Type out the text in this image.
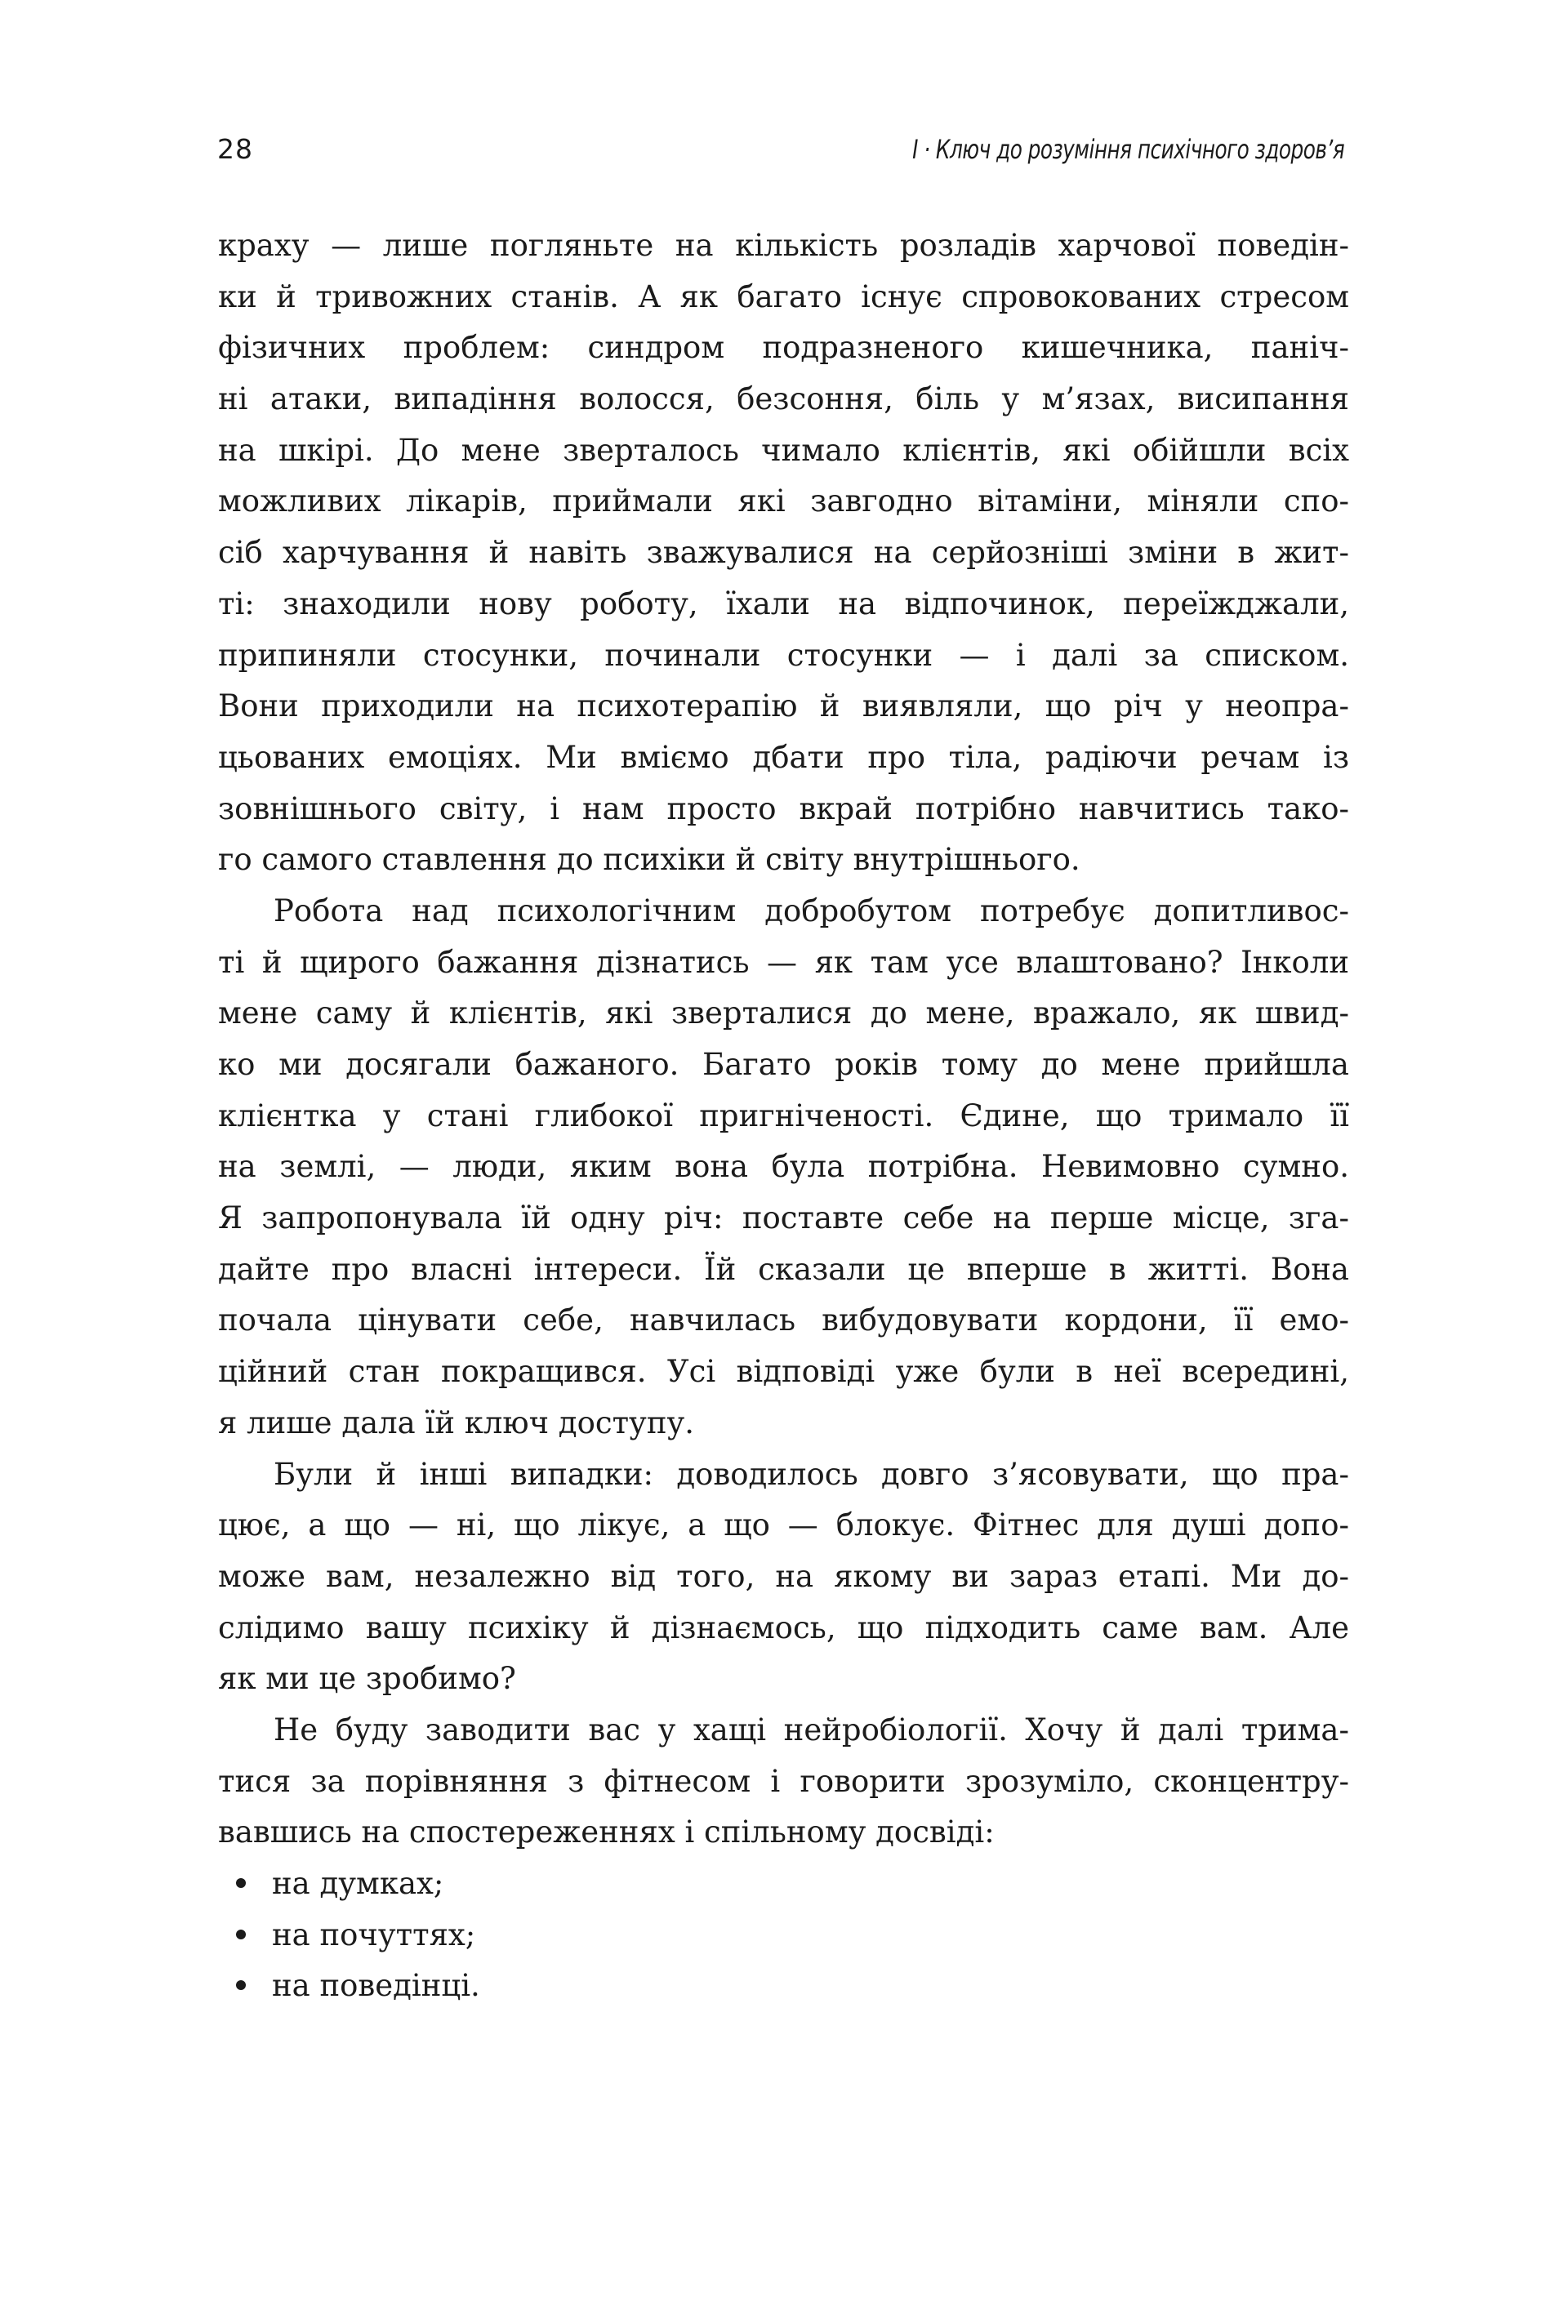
28	I · Ключ до розуміння психічного здоров’я
краху — лише погляньте на кількість розладів харчової поведін-
ки й тривожних станів. А як багато існує спровокованих стресом
фізичних проблем: синдром подразненого кишечника, паніч-
ні атаки, випадіння волосся, безсоння, біль у м’язах, висипання
на шкірі. До мене зверталось чимало клієнтів, які обійшли всіх
можливих лікарів, приймали які завгодно вітаміни, міняли спо-
сіб харчування й навіть зважувалися на серйозніші зміни в жит-
ті: знаходили нову роботу, їхали на відпочинок, переїжджали,
припиняли стосунки, починали стосунки — і далі за списком.
Вони приходили на психотерапію й виявляли, що річ у неопра-
цьованих емоціях. Ми вміємо дбати про тіла, радіючи речам із
зовнішнього світу, і нам просто вкрай потрібно навчитись тако-
го самого ставлення до психіки й світу внутрішнього.
Робота над психологічним добробутом потребує допитливос-
ті й щирого бажання дізнатись — як там усе влаштовано? Інколи
мене саму й клієнтів, які зверталися до мене, вражало, як швид-
ко ми досягали бажаного. Багато років тому до мене прийшла
клієнтка у стані глибокої пригніченості. Єдине, що тримало її
на землі, — люди, яким вона була потрібна. Невимовно сумно.
Я запропонувала їй одну річ: поставте себе на перше місце, зга-
дайте про власні інтереси. Їй сказали це вперше в житті. Вона
почала цінувати себе, навчилась вибудовувати кордони, її емо-
ційний стан покращився. Усі відповіді уже були в неї всередині,
я лише дала їй ключ доступу.
Були й інші випадки: доводилось довго з’ясовувати, що пра-
цює, а що — ні, що лікує, а що — блокує. Фітнес для душі допо-
може вам, незалежно від того, на якому ви зараз етапі. Ми до-
слідимо вашу психіку й дізнаємось, що підходить саме вам. Але
як ми це зробимо?
Не буду заводити вас у хащі нейробіології. Хочу й далі трима-
тися за порівняння з фітнесом і говорити зрозуміло, сконцентру-
вавшись на спостереженнях і спільному досвіді:
на думках;
на почуттях;
на поведінці.
